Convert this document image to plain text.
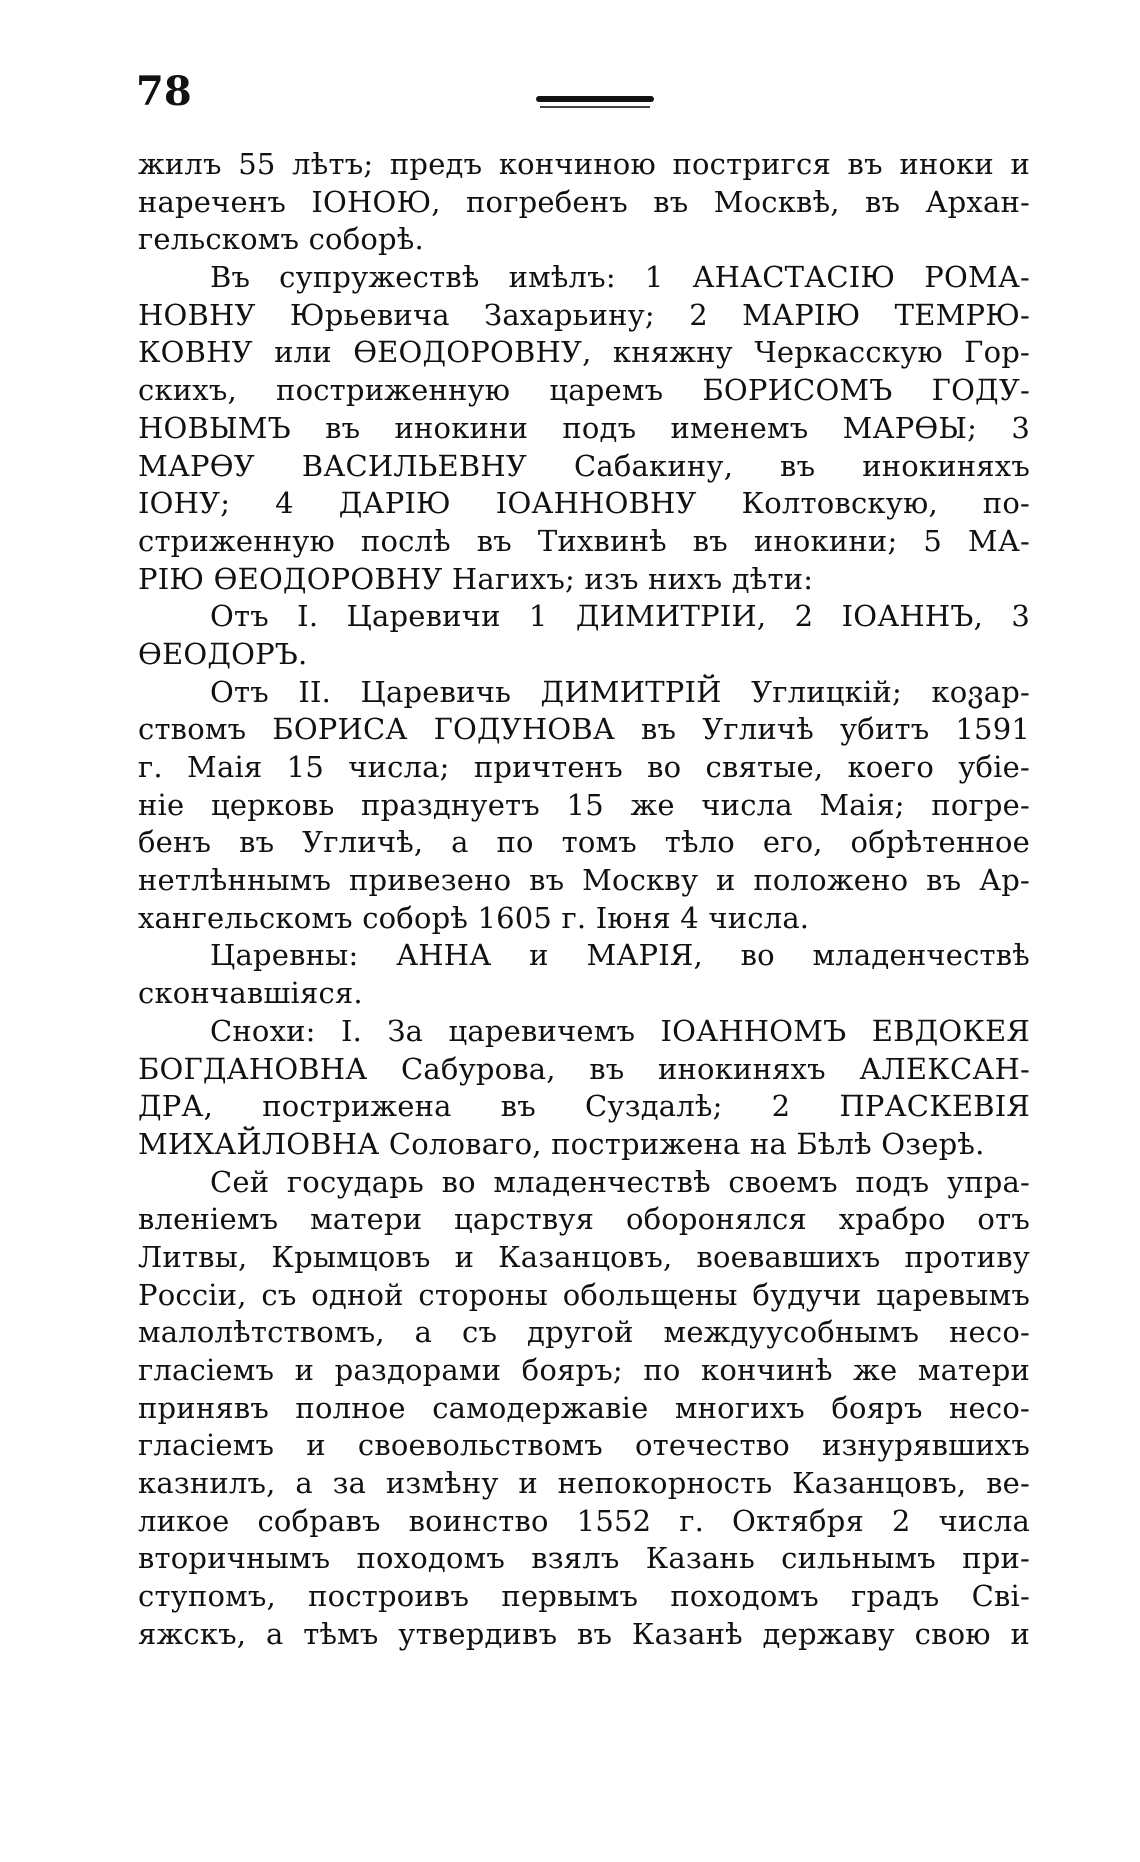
78
жилъ 55 лѣтъ; предъ кончиною постригся въ иноки и
нареченъ ІОНОЮ, погребенъ въ Москвѣ, въ Архан-
гельскомъ соборѣ.
Въ супружествѣ имѣлъ: 1 АНАСТАСІЮ РОМА-
НОВНУ Юрьевича Захарьину; 2 МАРІЮ ТЕМРЮ-
КОВНУ или ѲЕОДОРОВНУ, княжну Черкасскую Гор-
скихъ, постриженную царемъ БОРИСОМЪ ГОДУ-
НОВЫМЪ въ инокини подъ именемъ МАРѲЫ; 3
МАРѲУ ВАСИЛЬЕВНУ Сабакину, въ инокиняхъ
ІОНУ; 4 ДАРІЮ ІОАННОВНУ Колтовскую, по-
стриженную послѣ въ Тихвинѣ въ инокини; 5 МА-
РІЮ ѲЕОДОРОВНУ Нагихъ; изъ нихъ дѣти:
Отъ I. Царевичи 1 ДИМИТРІИ, 2 ІОАННЪ, 3
ѲЕОДОРЪ.
Отъ II. Царевичь ДИМИТРІЙ Углицкій; коვар-
ствомъ БОРИСА ГОДУНОВА въ Угличѣ убитъ 1591
г. Маія 15 числа; причтенъ во святые, коего убіе-
ніе церковь празднуетъ 15 же числа Маія; погре-
бенъ въ Угличѣ, а по томъ тѣло его, обрѣтенное
нетлѣннымъ привезено въ Москву и положено въ Ар-
хангельскомъ соборѣ 1605 г. Іюня 4 числа.
Царевны: АННА и МАРІЯ, во младенчествѣ
скончавшіяся.
Снохи: I. За царевичемъ ІОАННОМЪ ЕВДОКЕЯ
БОГДАНОВНА Сабурова, въ инокиняхъ АЛЕКСАН-
ДРА, пострижена въ Суздалѣ; 2 ПРАСКЕВІЯ
МИХАЙЛОВНА Соловаго, пострижена на Бѣлѣ Озерѣ.
Сей государь во младенчествѣ своемъ подъ упра-
вленіемъ матери царствуя оборонялся храбро отъ
Литвы, Крымцовъ и Казанцовъ, воевавшихъ противу
Россіи, съ одной стороны обольщены будучи царевымъ
малолѣтствомъ, а съ другой междуусобнымъ несо-
гласіемъ и раздорами бояръ; по кончинѣ же матери
принявъ полное самодержавіе многихъ бояръ несо-
гласіемъ и своевольствомъ отечество изнурявшихъ
казнилъ, а за измѣну и непокорность Казанцовъ, ве-
ликое собравъ воинство 1552 г. Октября 2 числа
вторичнымъ походомъ взялъ Казань сильнымъ при-
ступомъ, построивъ первымъ походомъ градъ Сві-
яжскъ, а тѣмъ утвердивъ въ Казанѣ державу свою и
